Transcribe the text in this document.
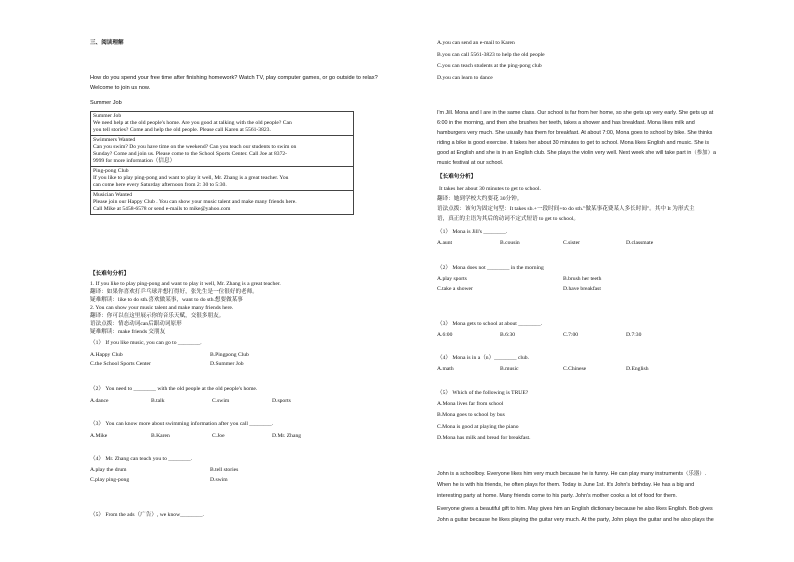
三、阅读理解
How do you spend your free time after finishing homework? Watch TV, play computer games, or go outside to relax?
Welcome to join us now.
Summer Job
Summer Job
We need help at the old people's home. Are you good at talking with the old people? Can
you tell stories? Come and help the old people. Please call Karen at 5561-3823.
Swimmers Wanted
Can you swim? Do you have time on the weekend? Can you teach our students to swim on
Sunday? Come and join us. Please come to the School Sports Center. Call Joe at 8372-
9999 for more information（信息）
Ping-pong Club
If you like to play ping-pong and want to play it well, Mr. Zhang is a great teacher. You
can come here every Saturday afternoon from 2: 30 to 5:30.
Musician Wanted
Please join our Happy Club . You can show your music talent and make many friends here.
Call Mike at 5458-6578 or send e-mails to mike@yahoo.com
【长难句分析】
1. If you like to play ping-pong and want to play it well, Mr. Zhang is a great teacher.
翻译：如果你喜欢打乒乓球并想打得好，张先生是一位很好的老师。
疑难解读：like to do sth.喜欢做某事，want to do sth.想要做某事
2. You can show your music talent and make many friends here.
翻译：你可以在这里展示你的音乐天赋，交很多朋友。
语法点拨：情态动词can后跟动词原形
疑难解读：make friends 交朋友
（1） If you like music, you can go to ________.
A.Happy Club	B.Pingpong Club
C.the School Sports Center	D.Summer Job
（2） You need to ________ with the old people at the old people's home.
A.dance	B.talk	C.swim	D.sports
（3） You can know more about swimming information after you call ________.
A.Mike	B.Karen	C.Joe	D.Mr. Zhang
（4） Mr. Zhang can teach you to ________.
A.play the drum	B.tell stories
C.play ping-pong	D.swim
（5） From the ads（广告）, we know________.
A.you can send an e-mail to Karen
B.you can call 5561-3823 to help the old people
C.you can teach students at the ping-pong club
D.you can learn to dance
I'm Jill. Mona and I are in the same class. Our school is far from her home, so she gets up very early. She gets up at
6:00 in the morning, and then she brushes her teeth, takes a shower and has breakfast. Mona likes milk and
hamburgers very much. She usually has them for breakfast. At about 7:00, Mona goes to school by bike. She thinks
riding a bike is good exercise. It takes her about 30 minutes to get to school. Mona likes English and music. She is
good at English and she is in an English club. She plays the violin very well. Next week she will take part in（参加）a
music festival at our school.
【长难句分析】
It takes her about 30 minutes to get to school.
翻译：她到学校大约要花 30分钟。
语法点拨：该句为固定句型：It takes sb.+一段时间+to do sth."做某事花费某人多长时间"。其中 It 为形式主
语，真正的主语为其后的动词不定式短语 to get to school。
（1） Mona is Jill's ________.
A.aunt	B.cousin	C.sister	D.classmate
（2） Mona does not ________ in the morning
A.play sports	B.brush her teeth
C.take a shower	D.have breakfast
（3） Mona gets to school at about ________.
A.6:00	B.6:30	C.7:00	D.7:30
（4） Mona is in a（n）________ club.
A.math	B.music	C.Chinese	D.English
（5） Which of the following is TRUE?
A.Mona lives far from school
B.Mona goes to school by bus
C.Mona is good at playing the piano
D.Mona has milk and bread for breakfast.
John is a schoolboy. Everyone likes him very much because he is funny. He can play many instruments（乐器）.
When he is with his friends, he often plays for them. Today is June 1st. It's John's birthday. He has a big and
interesting party at home. Many friends come to his party. John's mother cooks a lot of food for them.
Everyone gives a beautiful gift to him. May gives him an English dictionary because he also likes English. Bob gives
John a guitar because he likes playing the guitar very much. At the party, John plays the guitar and he also plays the
